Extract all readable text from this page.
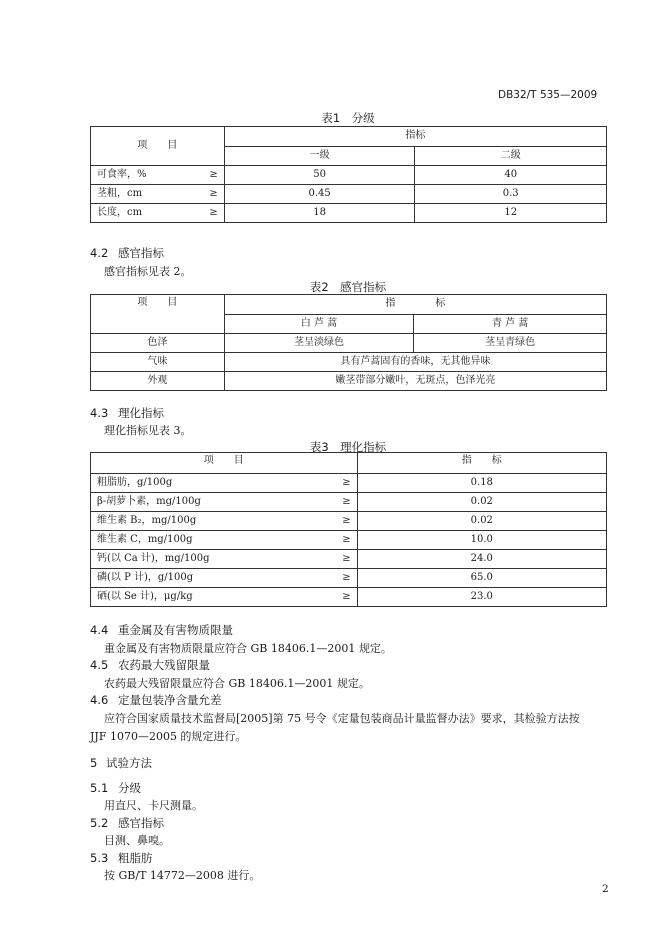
DB32/T 535—2009
表1　分级
项　　目	指标	
	一级	二级
可食率，% ≥	50	40
茎粗，cm ≥	0.45	0.3
长度，cm ≥	18	12
4.2 感官指标
感官指标见表 2。
表2　感官指标
项　　目	指　　　　标	
	白 芦 蒿	青 芦 蒿
色泽	茎呈淡绿色	茎呈青绿色
气味	具有芦蒿固有的香味，无其他异味	
外观	嫩茎带部分嫩叶，无斑点，色泽光亮	
4.3 理化指标
理化指标见表 3。
表3　理化指标
项　　目	指　　标
粗脂肪，g/100g ≥	0.18
β-胡萝卜素，mg/100g ≥	0.02
维生素 B₂，mg/100g ≥	0.02
维生素 C，mg/100g ≥	10.0
钙(以 Ca 计)，mg/100g ≥	24.0
磷(以 P 计)，g/100g ≥	65.0
硒(以 Se 计)，μg/kg ≥	23.0
4.4 重金属及有害物质限量
重金属及有害物质限量应符合 GB 18406.1—2001 规定。
4.5 农药最大残留限量
农药最大残留限量应符合 GB 18406.1—2001 规定。
4.6 定量包装净含量允差
应符合国家质量技术监督局[2005]第 75 号令《定量包装商品计量监督办法》要求，其检验方法按
JJF 1070—2005 的规定进行。
5 试验方法
5.1 分级
用直尺、卡尺测量。
5.2 感官指标
目测、鼻嗅。
5.3 粗脂肪
按 GB/T 14772—2008 进行。
2
